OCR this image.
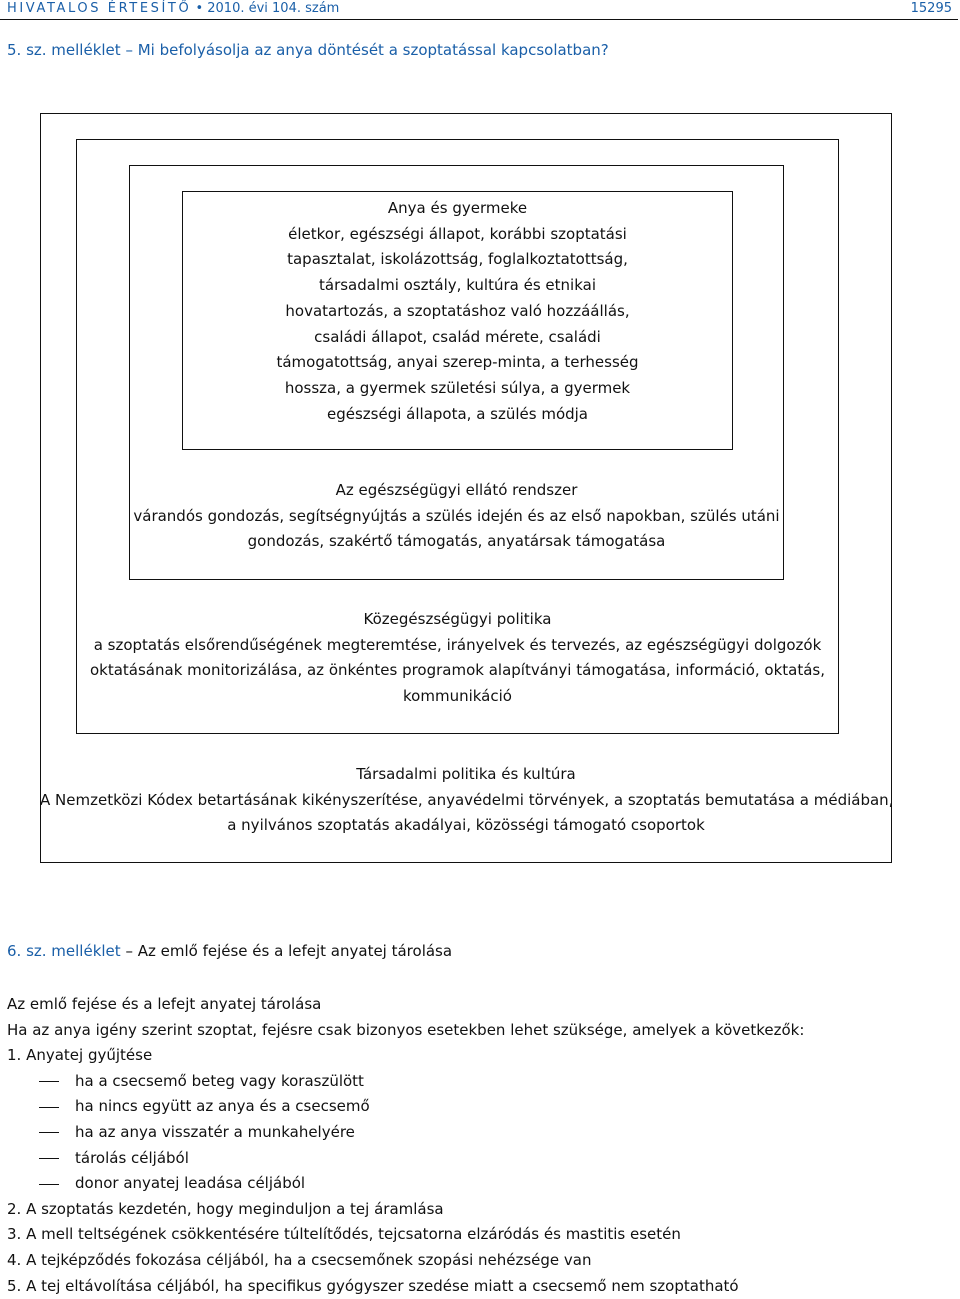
HIVATALOS ÉRTESÍTŐ • 2010. évi 104. szám	15295
5. sz. melléklet – Mi befolyásolja az anya döntését a szoptatással kapcsolatban?
Anya és gyermeke
életkor, egészségi állapot, korábbi szoptatási
tapasztalat, iskolázottság, foglalkoztatottság,
társadalmi osztály, kultúra és etnikai
hovatartozás, a szoptatáshoz való hozzáállás,
családi állapot, család mérete, családi
támogatottság, anyai szerep-minta, a terhesség
hossza, a gyermek születési súlya, a gyermek
egészségi állapota, a szülés módja
Az egészségügyi ellátó rendszer
várandós gondozás, segítségnyújtás a szülés idején és az első napokban, szülés utáni
gondozás, szakértő támogatás, anyatársak támogatása
Közegészségügyi politika
a szoptatás elsőrendűségének megteremtése, irányelvek és tervezés, az egészségügyi dolgozók
oktatásának monitorizálása, az önkéntes programok alapítványi támogatása, információ, oktatás,
kommunikáció
Társadalmi politika és kultúra
A Nemzetközi Kódex betartásának kikényszerítése, anyavédelmi törvények, a szoptatás bemutatása a médiában,
a nyilvános szoptatás akadályai, közösségi támogató csoportok
6. sz. melléklet – Az emlő fejése és a lefejt anyatej tárolása
Az emlő fejése és a lefejt anyatej tárolása
Ha az anya igény szerint szoptat, fejésre csak bizonyos esetekben lehet szüksége, amelyek a következők:
1. Anyatej gyűjtése
ha a csecsemő beteg vagy koraszülött
ha nincs együtt az anya és a csecsemő
ha az anya visszatér a munkahelyére
tárolás céljából
donor anyatej leadása céljából
2. A szoptatás kezdetén, hogy meginduljon a tej áramlása
3. A mell teltségének csökkentésére túltelítődés, tejcsatorna elzáródás és mastitis esetén
4. A tejképződés fokozása céljából, ha a csecsemőnek szopási nehézsége van
5. A tej eltávolítása céljából, ha specifikus gyógyszer szedése miatt a csecsemő nem szoptatható
